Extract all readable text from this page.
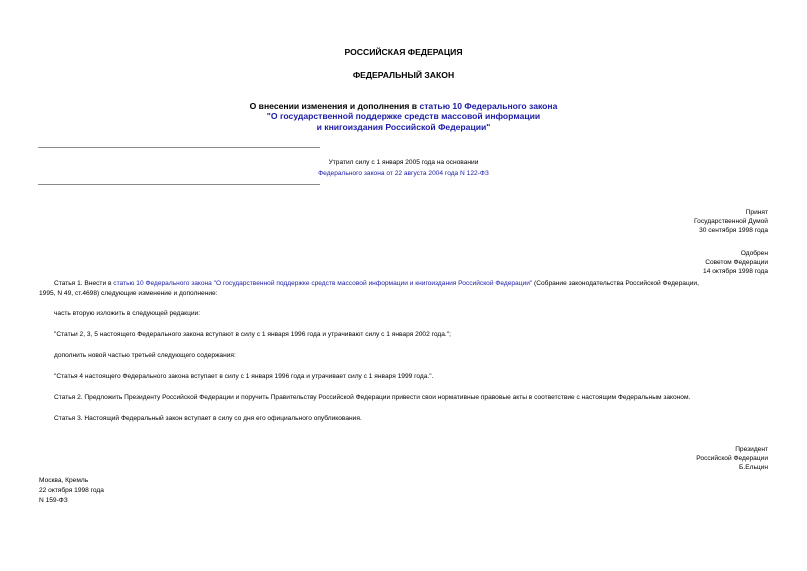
РОССИЙСКАЯ ФЕДЕРАЦИЯ
ФЕДЕРАЛЬНЫЙ ЗАКОН
О внесении изменения и дополнения в статью 10 Федерального закона
"О государственной поддержке средств массовой информации
и книгоиздания Российской Федерации"
Утратил силу с 1 января 2005 года на основании
Федерального закона от 22 августа 2004 года N 122-ФЗ
Принят
Государственной Думой
30 сентября 1998 года
Одобрен
Советом Федерации
14 октября 1998 года
Статья 1. Внести в статью 10 Федерального закона "О государственной поддержке средств массовой информации и книгоиздания Российской Федерации" (Собрание законодательства Российской Федерации,
1995, N 49, ст.4698) следующие изменение и дополнение:
часть вторую изложить в следующей редакции:
"Статьи 2, 3, 5 настоящего Федерального закона вступают в силу с 1 января 1996 года и утрачивают силу с 1 января 2002 года.";
дополнить новой частью третьей следующего содержания:
"Статья 4 настоящего Федерального закона вступает в силу с 1 января 1996 года и утрачивает силу с 1 января 1999 года.".
Статья 2. Предложить Президенту Российской Федерации и поручить Правительству Российской Федерации привести свои нормативные правовые акты в соответствие с настоящим Федеральным законом.
Статья 3. Настоящий Федеральный закон вступает в силу со дня его официального опубликования.
Президент
Российской Федерации
Б.Ельцин
Москва, Кремль
22 октября 1998 года
N 159-ФЗ
